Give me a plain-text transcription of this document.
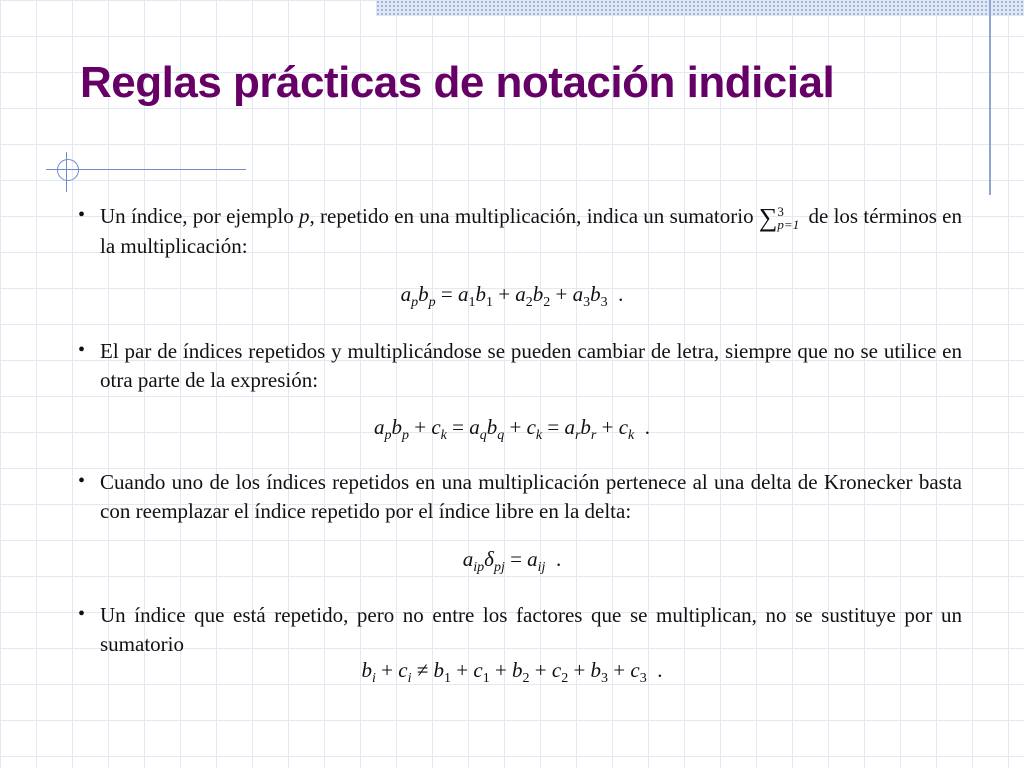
Reglas prácticas de notación indicial
• Un índice, por ejemplo p, repetido en una multiplicación, indica un sumatorio ∑3
p=1 de los términos en la multiplicación:
$a_pb_p = a_1b_1 + a_2b_2 + a_3b_3$  .
• El par de índices repetidos y multiplicándose se pueden cambiar de letra, siempre que no se utilice en otra parte de la expresión:
$a_pb_p + c_k = a_qb_q + c_k = a_rb_r + c_k$  .
• Cuando uno de los índices repetidos en una multiplicación pertenece al una delta de Kronecker basta con reemplazar el índice repetido por el índice libre en la delta:
$a_{ip}\delta_{pj} = a_{ij}$  .
• Un índice que está repetido, pero no entre los factores que se multiplican, no se sustituye por un sumatorio
$b_i + c_i \ne b_1 + c_1 + b_2 + c_2 + b_3 + c_3$  .
